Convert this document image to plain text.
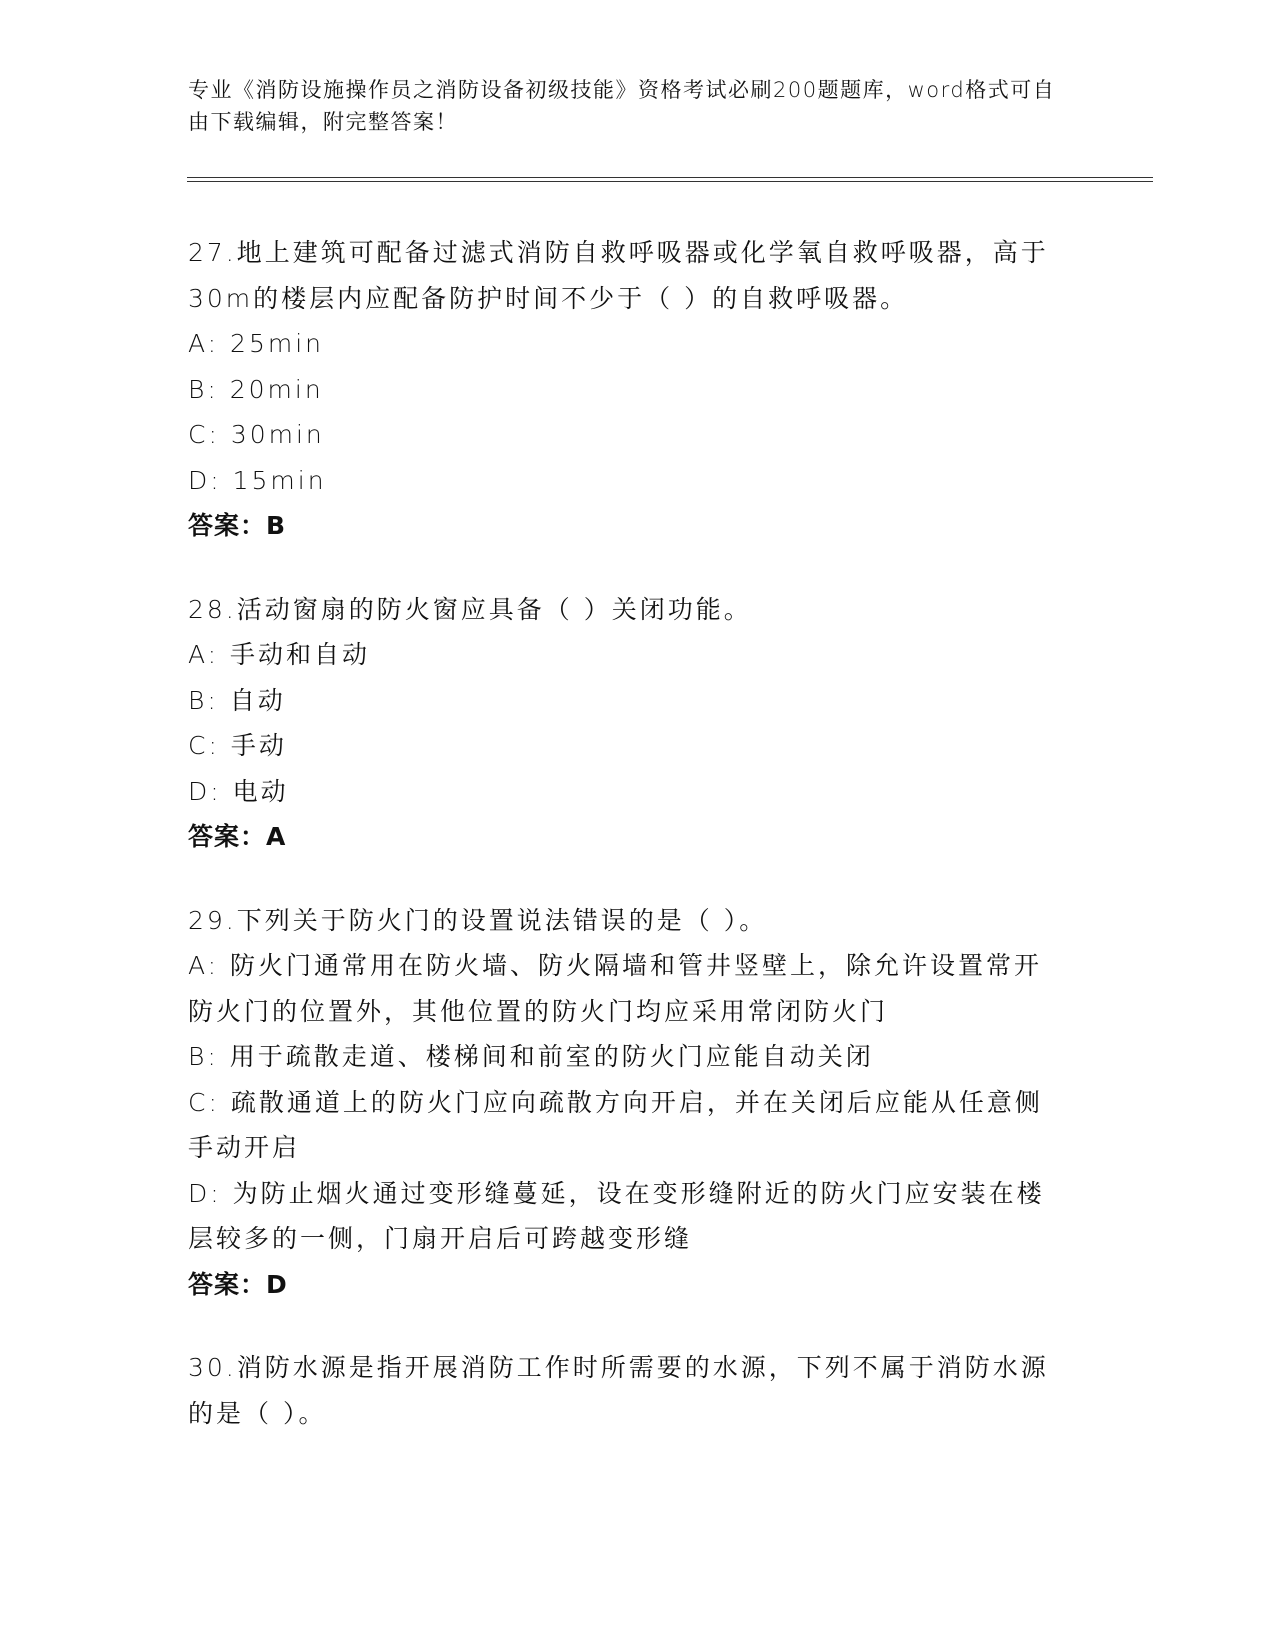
专业《消防设施操作员之消防设备初级技能》资格考试必刷200题题库，word格式可自由下载编辑，附完整答案！
27.地上建筑可配备过滤式消防自救呼吸器或化学氧自救呼吸器，高于30m的楼层内应配备防护时间不少于（ ）的自救呼吸器。
A: 25min
B: 20min
C: 30min
D: 15min
答案：B
28.活动窗扇的防火窗应具备（ ）关闭功能。
A: 手动和自动
B: 自动
C: 手动
D: 电动
答案：A
29.下列关于防火门的设置说法错误的是（ ）。
A: 防火门通常用在防火墙、防火隔墙和管井竖壁上，除允许设置常开防火门的位置外，其他位置的防火门均应采用常闭防火门
B: 用于疏散走道、楼梯间和前室的防火门应能自动关闭
C: 疏散通道上的防火门应向疏散方向开启，并在关闭后应能从任意侧手动开启
D: 为防止烟火通过变形缝蔓延，设在变形缝附近的防火门应安装在楼层较多的一侧，门扇开启后可跨越变形缝
答案：D
30.消防水源是指开展消防工作时所需要的水源，下列不属于消防水源的是（ ）。
